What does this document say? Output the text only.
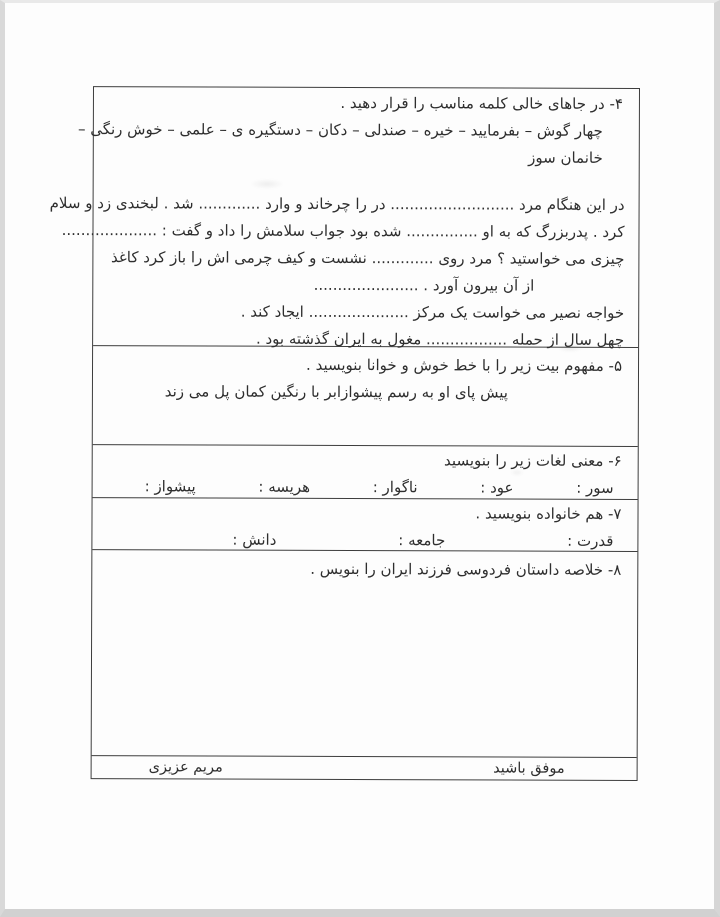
۴- در جاهای خالی کلمه مناسب را قرار دهید .
چهار گوش – بفرمایید – خیره – صندلی – دکان – دستگیره ی – علمی – خوش رنگی –
خانمان سوز
در این هنگام مرد .......................... در را چرخاند و وارد ............. شد . لبخندی زد و سلام
کرد . پدربزرگ که به او ............... شده بود جواب سلامش را داد و گفت : ....................
چیزی می خواستید ؟ مرد روی ............. نشست و کیف چرمی اش را باز کرد کاغذ
از آن بیرون آورد . ......................
خواجه نصیر می خواست یک مرکز ..................... ایجاد کند .
چهل سال از حمله ................. مغول به ایران گذشته بود .
۵- مفهوم بیت زیر را با خط خوش و خوانا بنویسید .
پیش پای او به رسم پیشواز
ابر با رنگین کمان پل می زند
۶- معنی لغات زیر را بنویسید
سور :
عود :
ناگوار :
هریسه :
پیشواز :
۷- هم خانواده بنویسید .
قدرت :
جامعه :
دانش :
۸- خلاصه داستان فردوسی فرزند ایران را بنویس .
موفق باشید
مریم عزیزی
